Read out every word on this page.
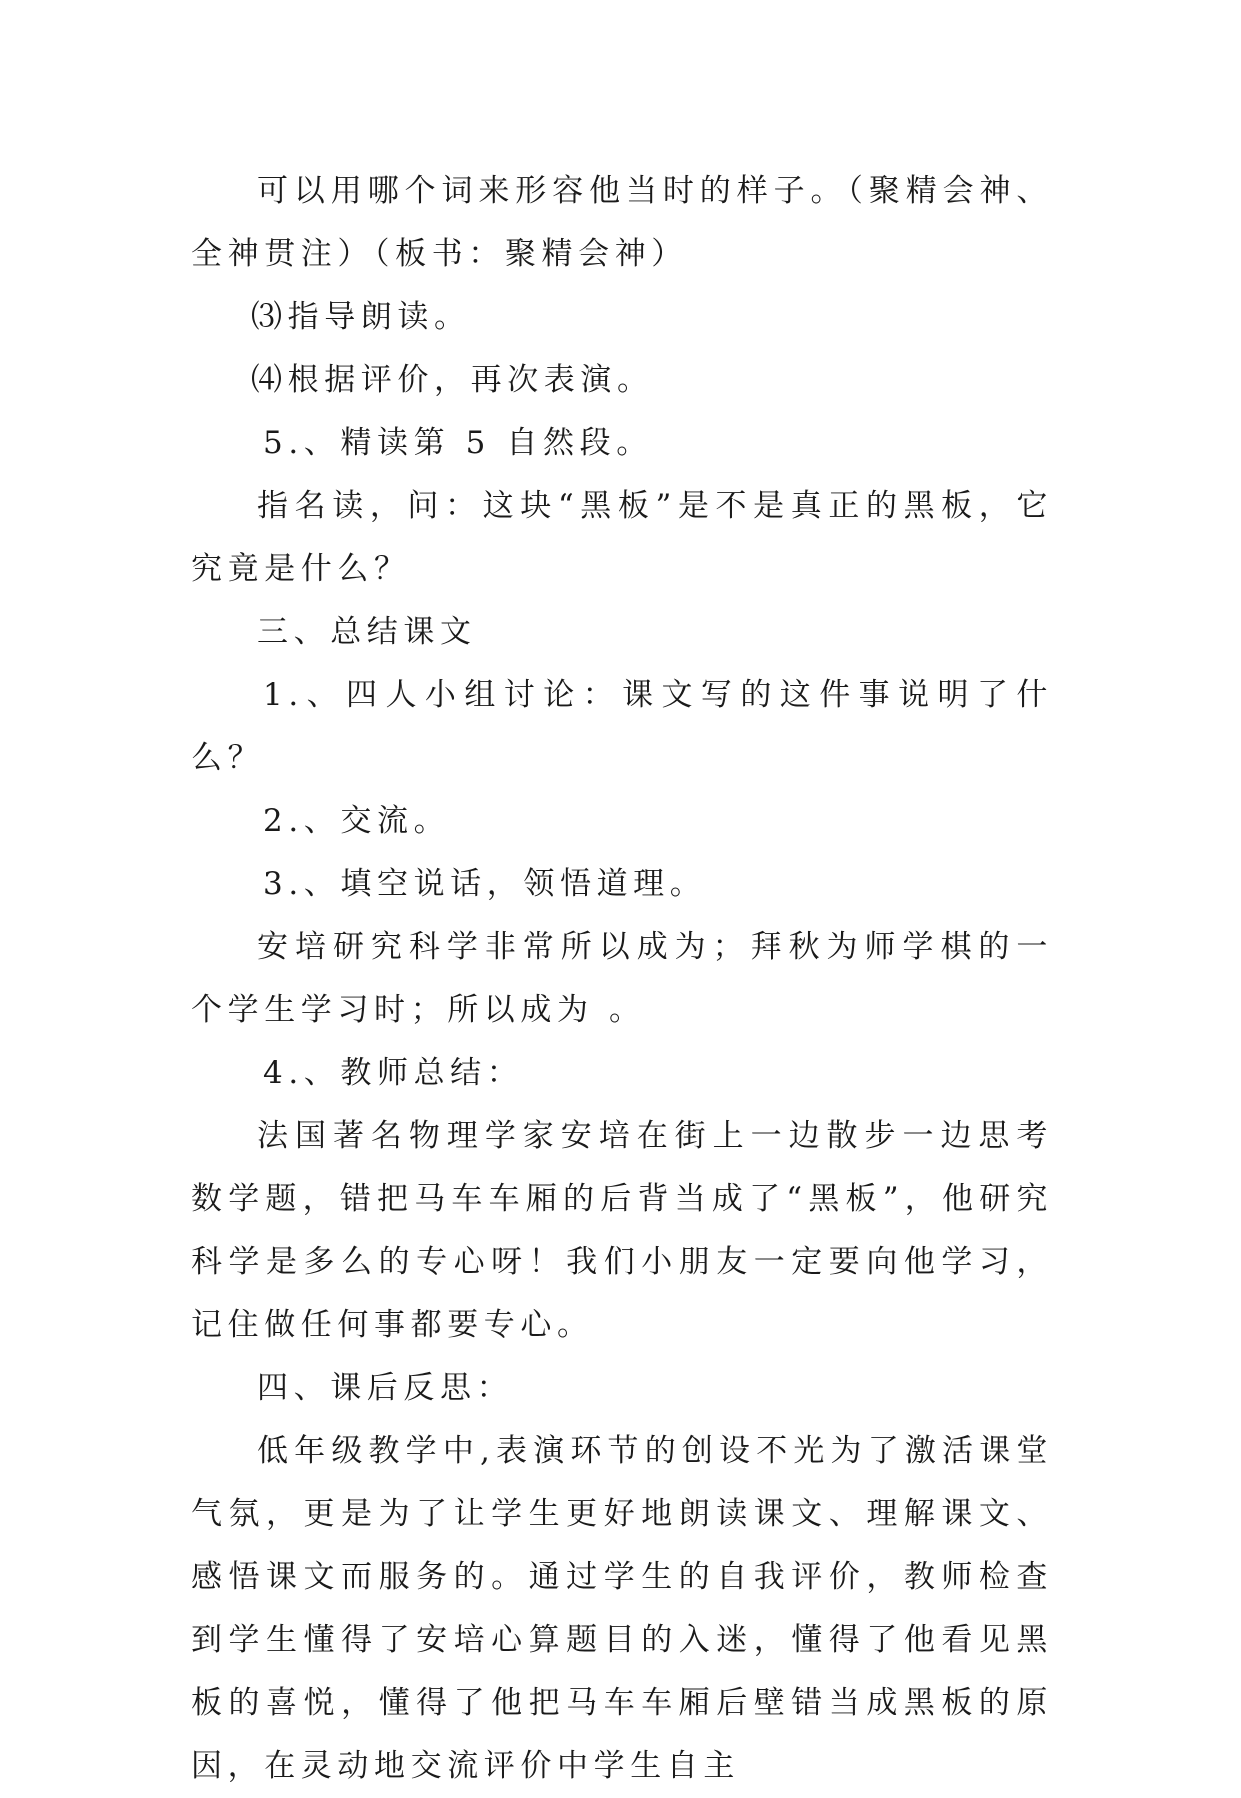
可以用哪个词来形容他当时的样子。（聚精会神、全神贯注）（板书：聚精会神）

⑶指导朗读。

⑷根据评价，再次表演。

5.、精读第 5 自然段。

指名读，问：这块“黑板”是不是真正的黑板，它究竟是什么？

三、总结课文

1.、四人小组讨论：课文写的这件事说明了什么？

2.、交流。

3.、填空说话，领悟道理。

安培研究科学非常所以成为；拜秋为师学棋的一个学生学习时；所以成为 。

4.、教师总结：

法国著名物理学家安培在街上一边散步一边思考数学题，错把马车车厢的后背当成了“黑板”，他研究科学是多么的专心呀！我们小朋友一定要向他学习，记住做任何事都要专心。

四、课后反思：

低年级教学中,表演环节的创设不光为了激活课堂气氛，更是为了让学生更好地朗读课文、理解课文、感悟课文而服务的。通过学生的自我评价，教师检查到学生懂得了安培心算题目的入迷，懂得了他看见黑板的喜悦，懂得了他把马车车厢后壁错当成黑板的原因，在灵动地交流评价中学生自主
